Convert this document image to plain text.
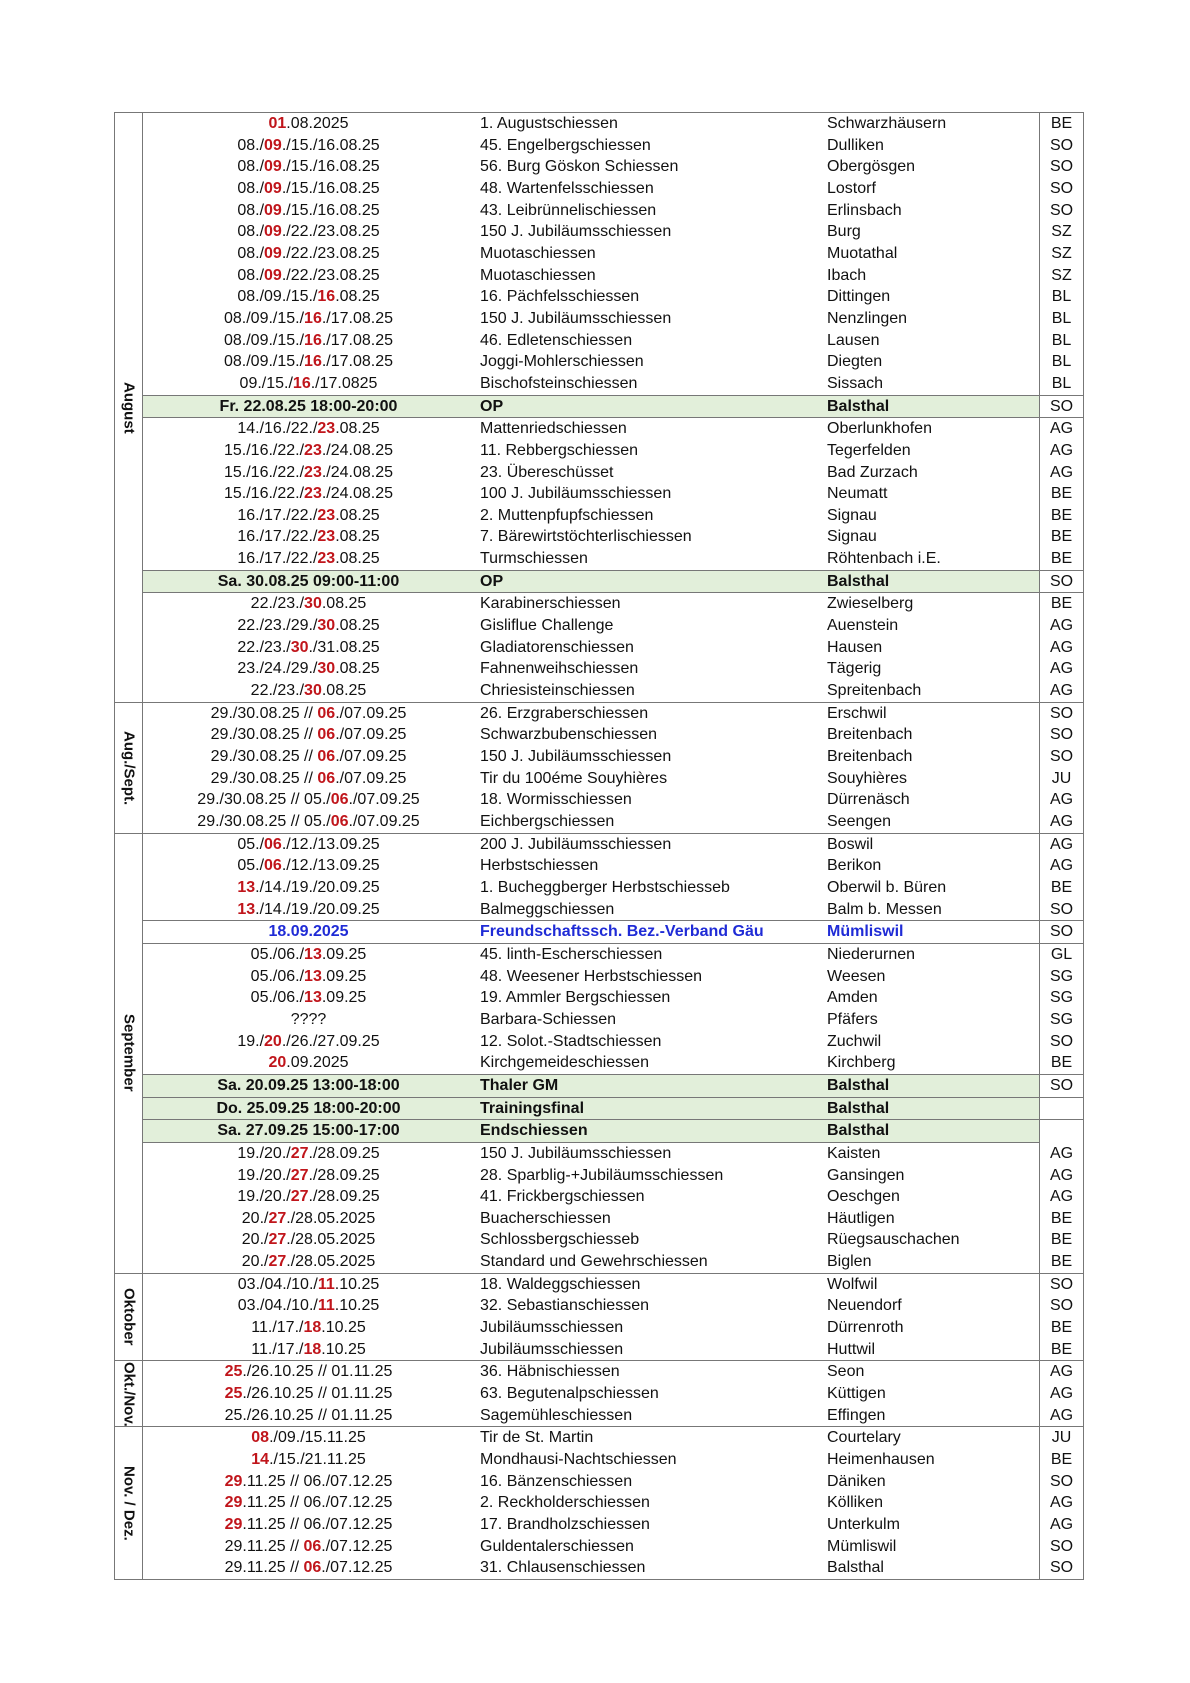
August	01.08.2025	1. Augustschiessen	Schwarzhäusern	BE
	08./09./15./16.08.25	45. Engelbergschiessen	Dulliken	SO
	08./09./15./16.08.25	56. Burg Göskon Schiessen	Obergösgen	SO
	08./09./15./16.08.25	48. Wartenfelsschiessen	Lostorf	SO
	08./09./15./16.08.25	43. Leibrünnelischiessen	Erlinsbach	SO
	08./09./22./23.08.25	150 J. Jubiläumsschiessen	Burg	SZ
	08./09./22./23.08.25	Muotaschiessen	Muotathal	SZ
	08./09./22./23.08.25	Muotaschiessen	Ibach	SZ
	08./09./15./16.08.25	16. Pächfelsschiessen	Dittingen	BL
	08./09./15./16./17.08.25	150 J. Jubiläumsschiessen	Nenzlingen	BL
	08./09./15./16./17.08.25	46. Edletenschiessen	Lausen	BL
	08./09./15./16./17.08.25	Joggi-Mohlerschiessen	Diegten	BL
	09./15./16./17.0825	Bischofsteinschiessen	Sissach	BL
	Fr. 22.08.25 18:00-20:00	OP	Balsthal	SO
	14./16./22./23.08.25	Mattenriedschiessen	Oberlunkhofen	AG
	15./16./22./23./24.08.25	11. Rebbergschiessen	Tegerfelden	AG
	15./16./22./23./24.08.25	23. Übereschüsset	Bad Zurzach	AG
	15./16./22./23./24.08.25	100 J. Jubiläumsschiessen	Neumatt	BE
	16./17./22./23.08.25	2. Muttenpfupfschiessen	Signau	BE
	16./17./22./23.08.25	7. Bärewirtstöchterlischiessen	Signau	BE
	16./17./22./23.08.25	Turmschiessen	Röhtenbach i.E.	BE
	Sa. 30.08.25 09:00-11:00	OP	Balsthal	SO
	22./23./30.08.25	Karabinerschiessen	Zwieselberg	BE
	22./23./29./30.08.25	Gisliflue Challenge	Auenstein	AG
	22./23./30./31.08.25	Gladiatorenschiessen	Hausen	AG
	23./24./29./30.08.25	Fahnenweihschiessen	Tägerig	AG
	22./23./30.08.25	Chriesisteinschiessen	Spreitenbach	AG

Aug./Sept.	29./30.08.25 // 06./07.09.25	26. Erzgraberschiessen	Erschwil	SO
	29./30.08.25 // 06./07.09.25	Schwarzbubenschiessen	Breitenbach	SO
	29./30.08.25 // 06./07.09.25	150 J. Jubiläumsschiessen	Breitenbach	SO
	29./30.08.25 // 06./07.09.25	Tir du 100éme Souyhières	Souyhières	JU
	29./30.08.25 // 05./06./07.09.25	18. Wormisschiessen	Dürrenäsch	AG
	29./30.08.25 // 05./06./07.09.25	Eichbergschiessen	Seengen	AG

September	05./06./12./13.09.25	200 J. Jubiläumsschiessen	Boswil	AG
	05./06./12./13.09.25	Herbstschiessen	Berikon	AG
	13./14./19./20.09.25	1. Bucheggberger Herbstschiesseb	Oberwil b. Büren	BE
	13./14./19./20.09.25	Balmeggschiessen	Balm b. Messen	SO
	18.09.2025	Freundschaftssch. Bez.-Verband Gäu	Mümliswil	SO
	05./06./13.09.25	45. linth-Escherschiessen	Niederurnen	GL
	05./06./13.09.25	48. Weesener Herbstschiessen	Weesen	SG
	05./06./13.09.25	19. Ammler Bergschiessen	Amden	SG
	????	Barbara-Schiessen	Pfäfers	SG
	19./20./26./27.09.25	12. Solot.-Stadtschiessen	Zuchwil	SO
	20.09.2025	Kirchgemeideschiessen	Kirchberg	BE
	Sa. 20.09.25 13:00-18:00	Thaler GM	Balsthal	SO
	Do. 25.09.25 18:00-20:00	Trainingsfinal	Balsthal	
	Sa. 27.09.25 15:00-17:00	Endschiessen	Balsthal	
	19./20./27./28.09.25	150 J. Jubiläumsschiessen	Kaisten	AG
	19./20./27./28.09.25	28. Sparblig-+Jubiläumsschiessen	Gansingen	AG
	19./20./27./28.09.25	41. Frickbergschiessen	Oeschgen	AG
	20./27./28.05.2025	Buacherschiessen	Häutligen	BE
	20./27./28.05.2025	Schlossbergschiesseb	Rüegsauschachen	BE
	20./27./28.05.2025	Standard und Gewehrschiessen	Biglen	BE

Oktober	03./04./10./11.10.25	18. Waldeggschiessen	Wolfwil	SO
	03./04./10./11.10.25	32. Sebastianschiessen	Neuendorf	SO
	11./17./18.10.25	Jubiläumsschiessen	Dürrenroth	BE
	11./17./18.10.25	Jubiläumsschiessen	Huttwil	BE

Okt./Nov.	25./26.10.25 // 01.11.25	36. Häbnischiessen	Seon	AG
	25./26.10.25 // 01.11.25	63. Begutenalpschiessen	Küttigen	AG
	25./26.10.25 // 01.11.25	Sagemühleschiessen	Effingen	AG

Nov. / Dez.	08./09./15.11.25	Tir de St. Martin	Courtelary	JU
	14./15./21.11.25	Mondhausi-Nachtschiessen	Heimenhausen	BE
	29.11.25 // 06./07.12.25	16. Bänzenschiessen	Däniken	SO
	29.11.25 // 06./07.12.25	2. Reckholderschiessen	Kölliken	AG
	29.11.25 // 06./07.12.25	17. Brandholzschiessen	Unterkulm	AG
	29.11.25 // 06./07.12.25	Guldentalerschiessen	Mümliswil	SO
	29.11.25 // 06./07.12.25	31. Chlausenschiessen	Balsthal	SO
